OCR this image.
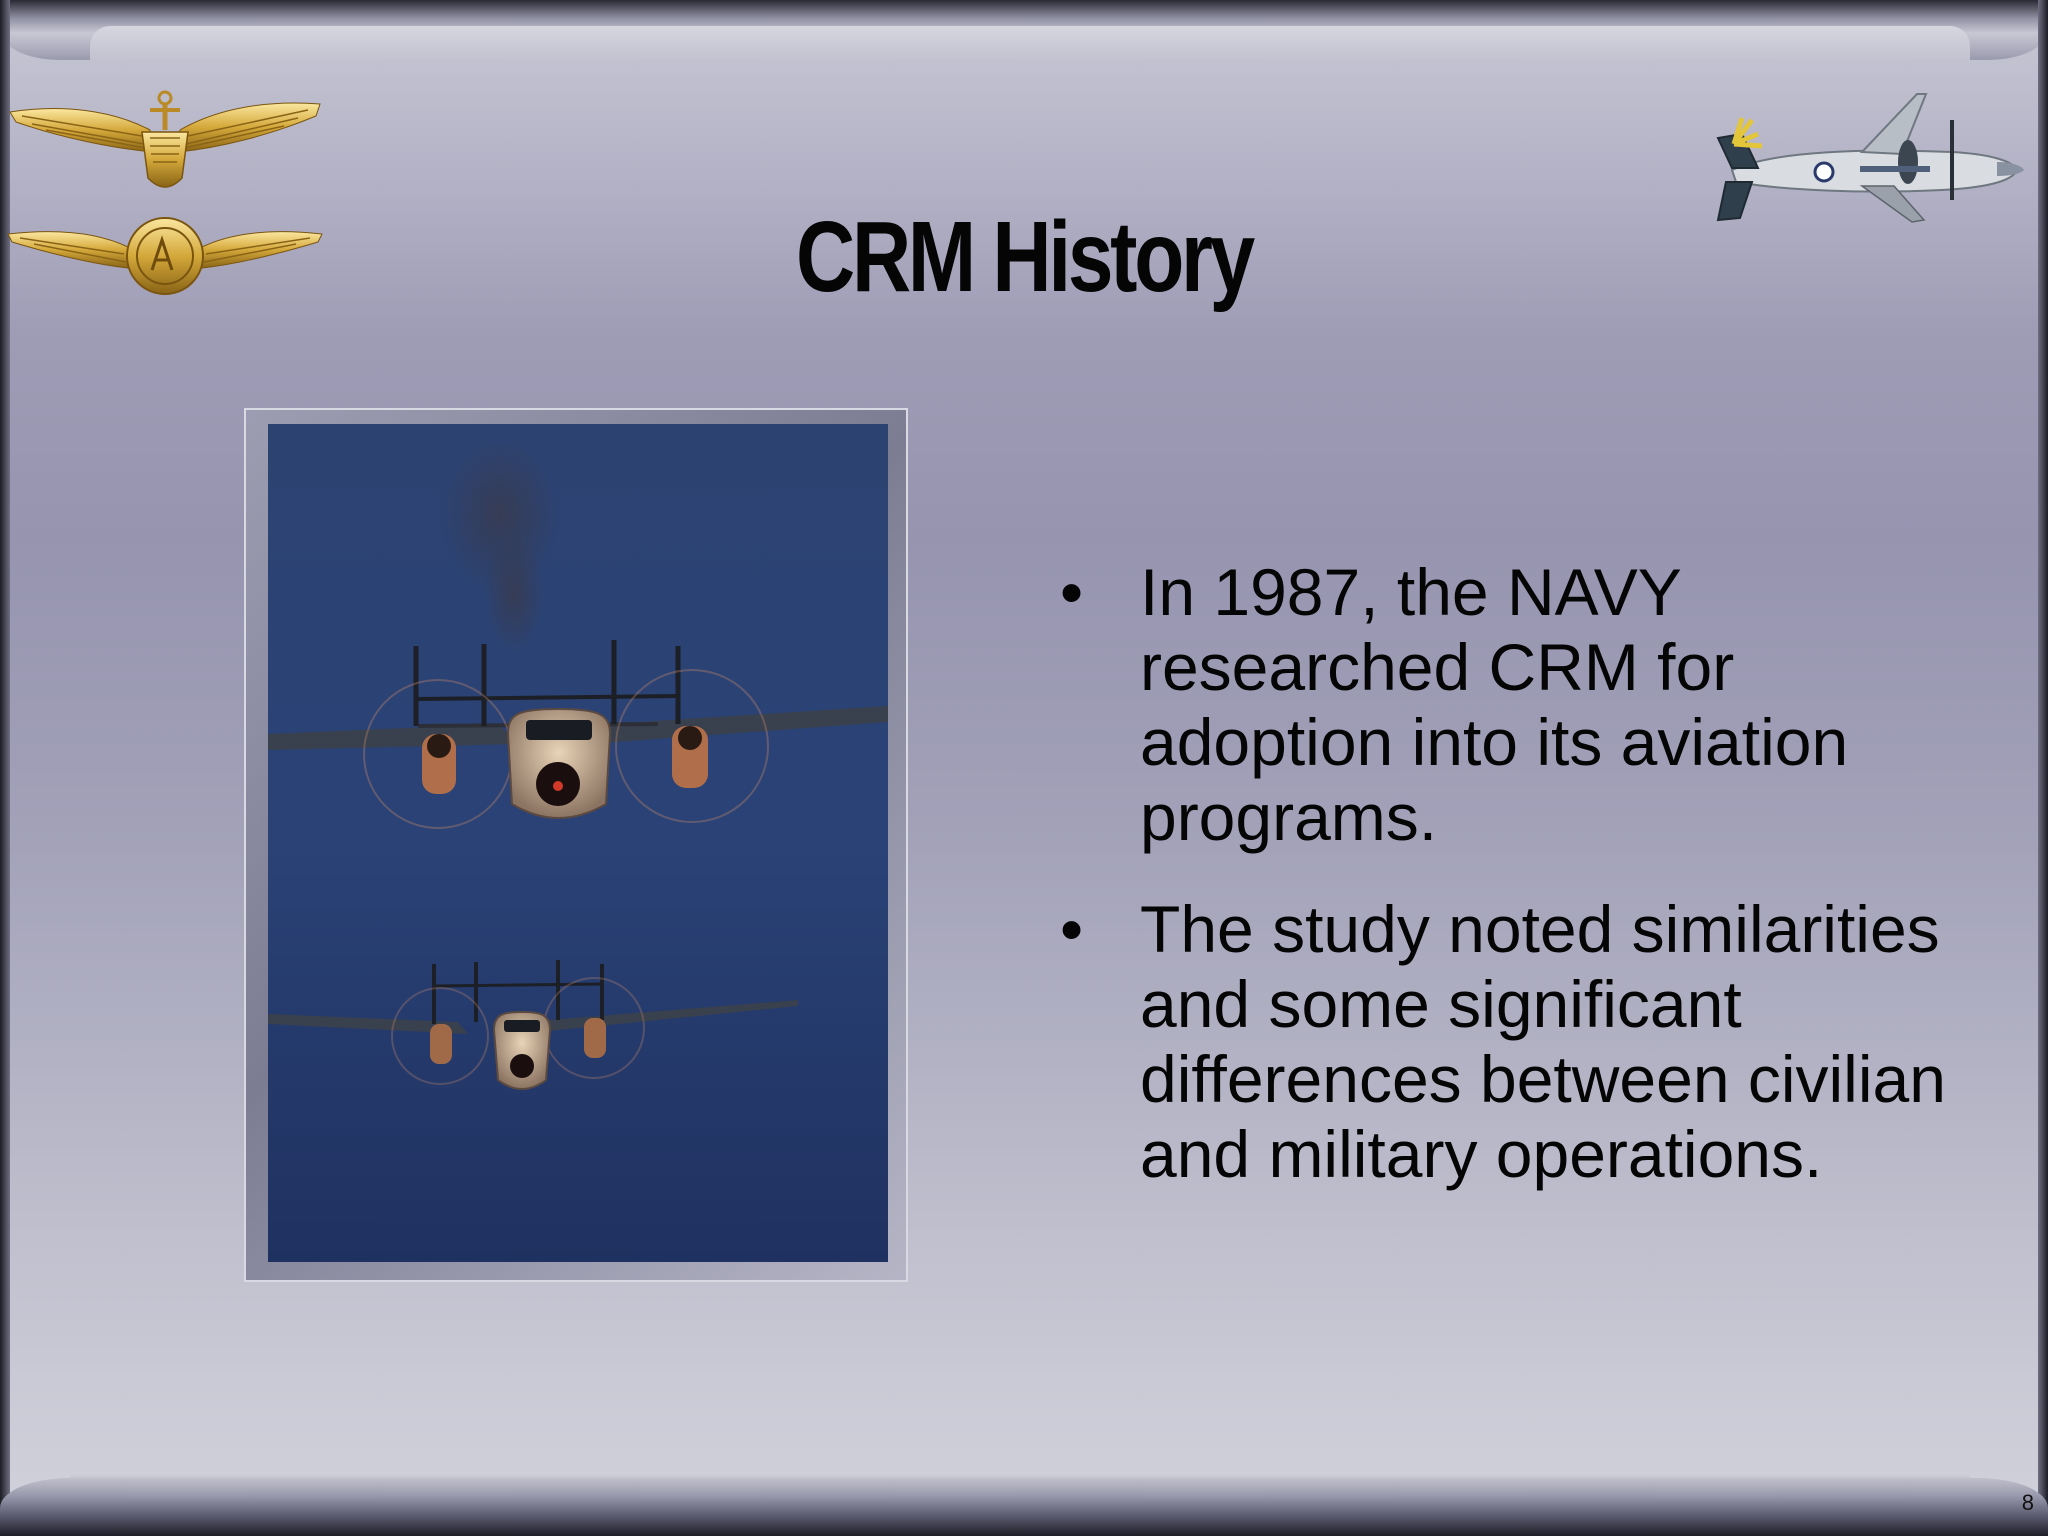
CRM History
• In 1987, the NAVY researched CRM for adoption into its aviation programs.
• The study noted similarities and some significant differences between civilian and military operations.
8
